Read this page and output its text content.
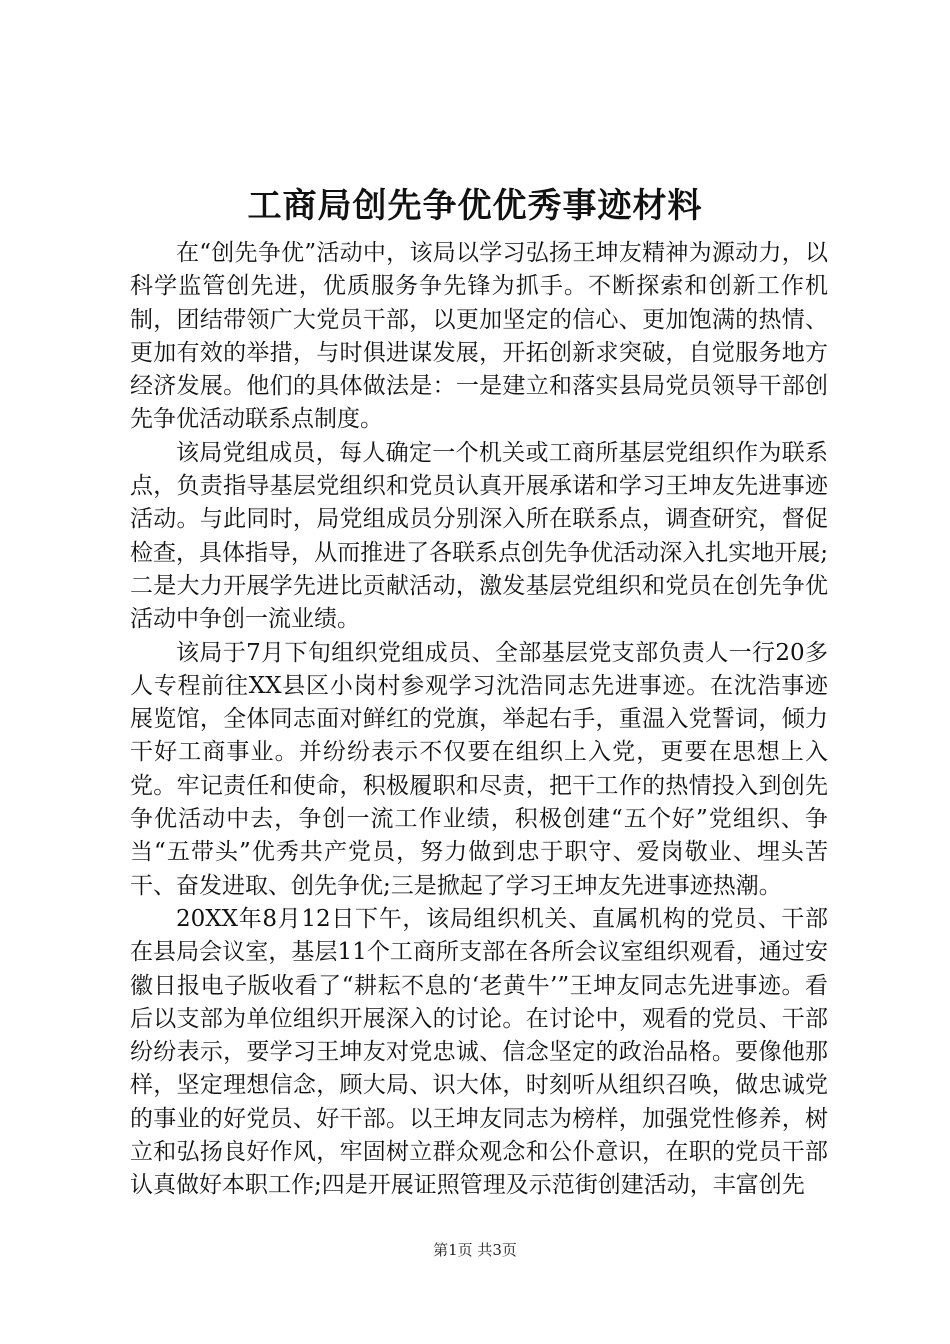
工商局创先争优优秀事迹材料

在“创先争优”活动中，该局以学习弘扬王坤友精神为源动力，以科学监管创先进，优质服务争先锋为抓手。不断探索和创新工作机制，团结带领广大党员干部，以更加坚定的信心、更加饱满的热情、更加有效的举措，与时俱进谋发展，开拓创新求突破，自觉服务地方经济发展。他们的具体做法是：一是建立和落实县局党员领导干部创先争优活动联系点制度。

该局党组成员，每人确定一个机关或工商所基层党组织作为联系点，负责指导基层党组织和党员认真开展承诺和学习王坤友先进事迹活动。与此同时，局党组成员分别深入所在联系点，调查研究，督促检查，具体指导，从而推进了各联系点创先争优活动深入扎实地开展;二是大力开展学先进比贡献活动，激发基层党组织和党员在创先争优活动中争创一流业绩。

该局于7月下旬组织党组成员、全部基层党支部负责人一行20多人专程前往XX县区小岗村参观学习沈浩同志先进事迹。在沈浩事迹展览馆，全体同志面对鲜红的党旗，举起右手，重温入党誓词，倾力干好工商事业。并纷纷表示不仅要在组织上入党，更要在思想上入党。牢记责任和使命，积极履职和尽责，把干工作的热情投入到创先争优活动中去，争创一流工作业绩，积极创建“五个好”党组织、争当“五带头”优秀共产党员，努力做到忠于职守、爱岗敬业、埋头苦干、奋发进取、创先争优;三是掀起了学习王坤友先进事迹热潮。

20XX年8月12日下午，该局组织机关、直属机构的党员、干部在县局会议室，基层11个工商所支部在各所会议室组织观看，通过安徽日报电子版收看了“耕耘不息的‘老黄牛’”王坤友同志先进事迹。看后以支部为单位组织开展深入的讨论。在讨论中，观看的党员、干部纷纷表示，要学习王坤友对党忠诚、信念坚定的政治品格。要像他那样，坚定理想信念，顾大局、识大体，时刻听从组织召唤，做忠诚党的事业的好党员、好干部。以王坤友同志为榜样，加强党性修养，树立和弘扬良好作风，牢固树立群众观念和公仆意识，在职的党员干部认真做好本职工作;四是开展证照管理及示范街创建活动，丰富创先

第1页 共3页
